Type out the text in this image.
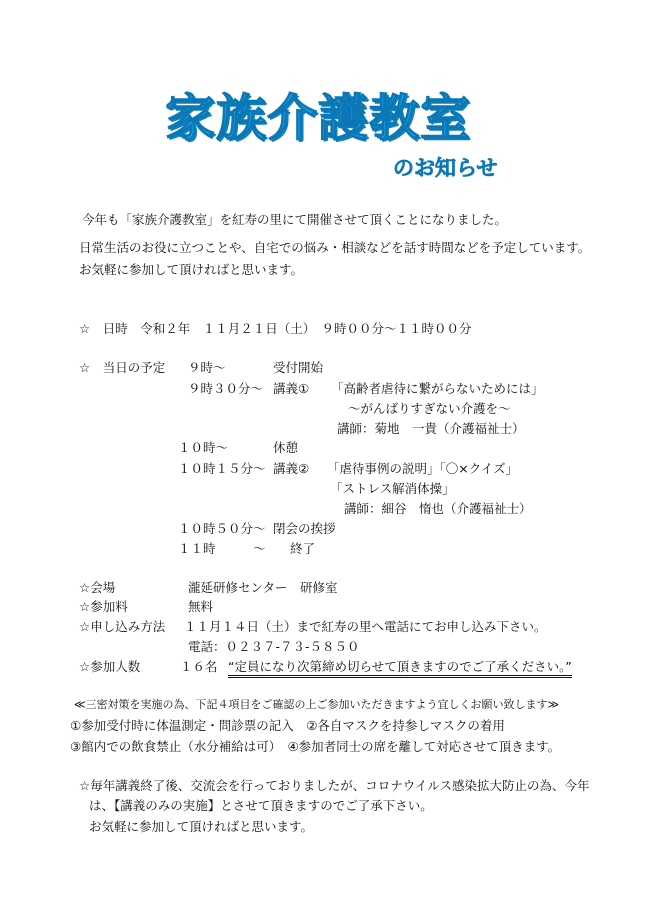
家族介護教室
のお知らせ
今年も「家族介護教室」を紅寿の里にて開催させて頂くことになりました。
日常生活のお役に立つことや、自宅での悩み・相談などを話す時間などを予定しています。
お気軽に参加して頂ければと思います。
☆　日時　令和２年　１１月２１日（土）　９時００分～１１時００分
☆　当日の予定 ９時～	受付開始
９時３０分～ 講義① 「高齢者虐待に繋がらないためには」
～がんばりすぎない介護を～
講師：菊地　一貴（介護福祉士）
１０時～	休憩
１０時１５分～ 講義② 「虐待事例の説明」「〇×クイズ」
「ストレス解消体操」
講師：細谷　惰也（介護福祉士）
１０時５０分～ 閉会の挨拶
１１時　　　～ 終了
☆会場	瀧延研修センター　研修室
☆参加料	無料
☆申し込み方法 １１月１４日（土）まで紅寿の里へ電話にてお申し込み下さい。
電話：０２３７-７３-５８５０
☆参加人数	１６名 “定員になり次第締め切らせて頂きますのでご了承ください。”
≪三密対策を実施の為、下記４項目をご確認の上ご参加いただきますよう宜しくお願い致します≫
①参加受付時に体温測定・問診票の記入　②各自マスクを持参しマスクの着用
③館内での飲食禁止（水分補給は可）　④参加者同士の席を離して対応させて頂きます。
☆毎年講義終了後、交流会を行っておりましたが、コロナウイルス感染拡大防止の為、今年
は、【講義のみの実施】とさせて頂きますのでご了承下さい。
お気軽に参加して頂ければと思います。
